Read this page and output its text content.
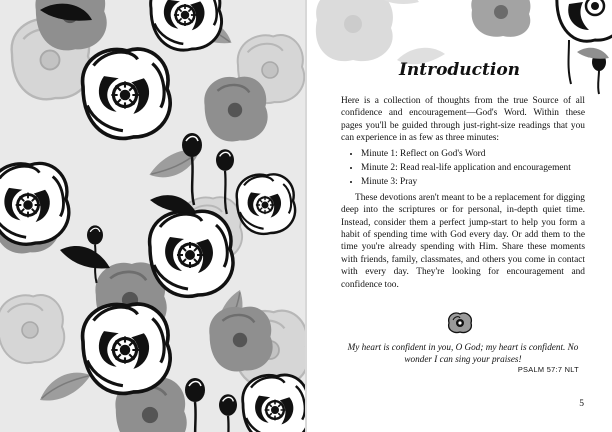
Introduction

Here is a collection of thoughts from the true Source of all confidence and encouragement—God's Word. Within these pages you'll be guided through just-right-size readings that you can experience in as few as three minutes:

• Minute 1: Reflect on God's Word
• Minute 2: Read real-life application and encouragement
• Minute 3: Pray

These devotions aren't meant to be a replacement for digging deep into the scriptures or for personal, in-depth quiet time. Instead, consider them a perfect jump-start to help you form a habit of spending time with God every day. Or add them to the time you're already spending with Him. Share these moments with friends, family, classmates, and others you come in contact with every day. They're looking for encouragement and confidence too.

My heart is confident in you, O God; my heart is confident. No wonder I can sing your praises!
PSALM 57:7 NLT
5
